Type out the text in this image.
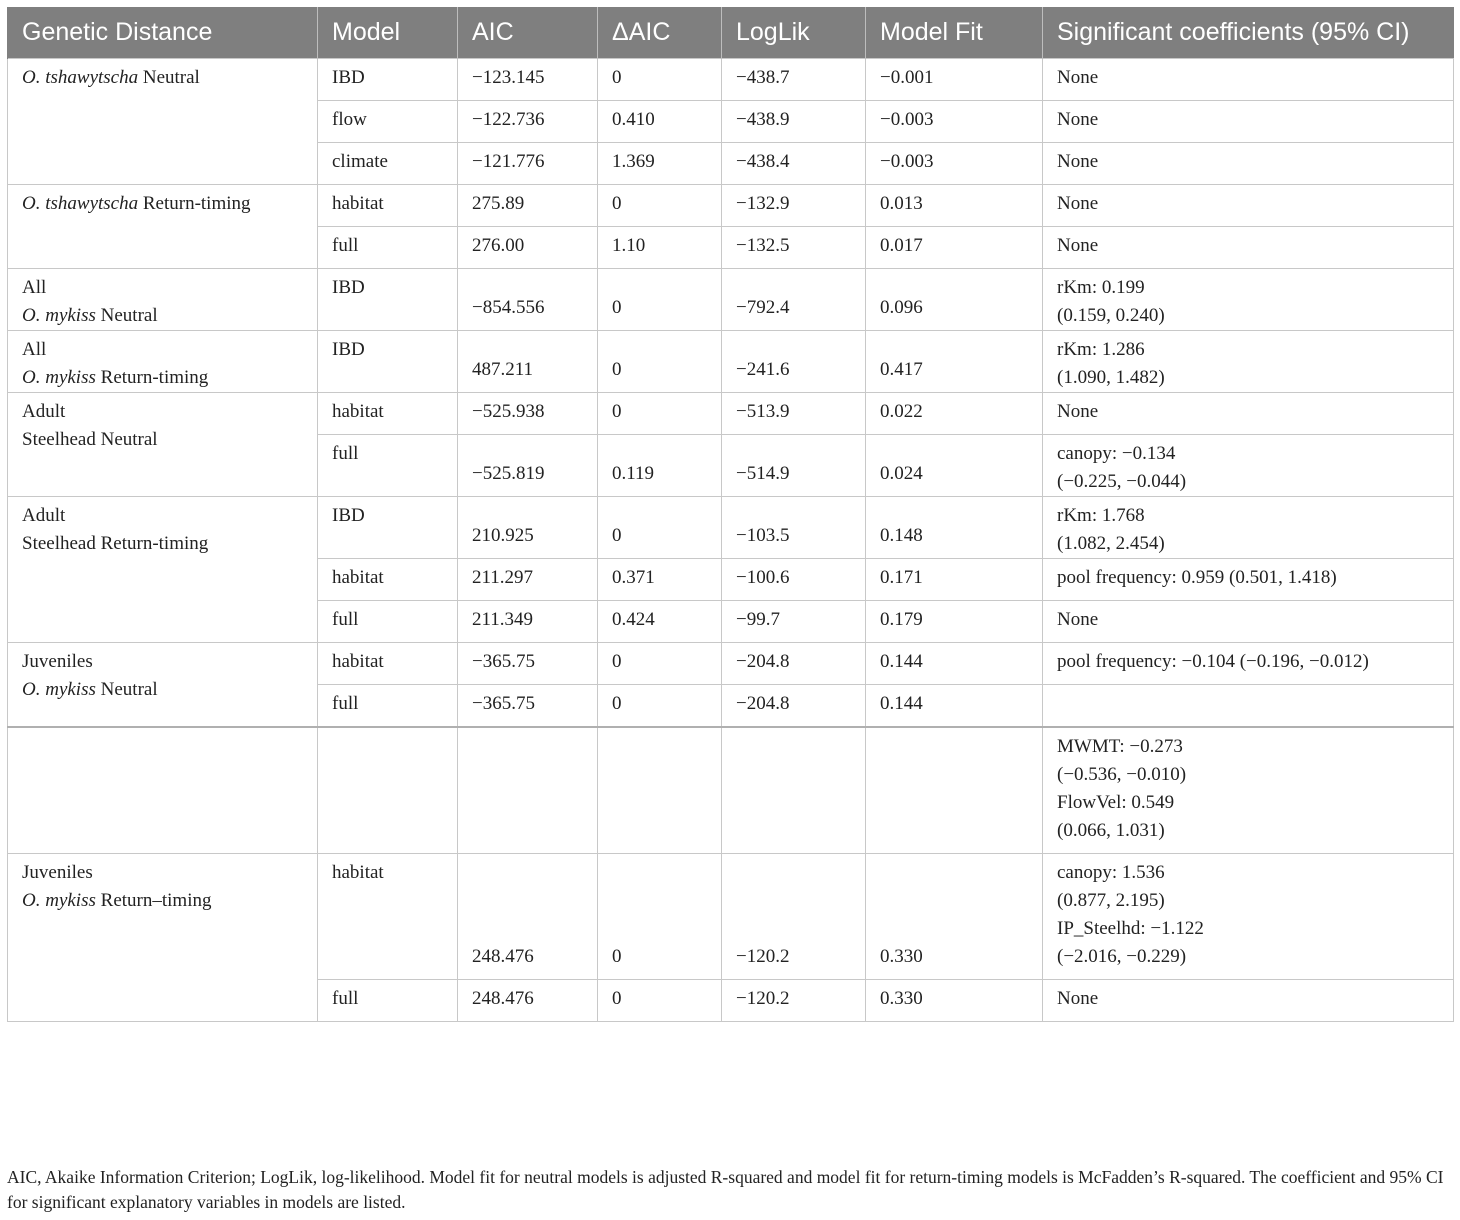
Genetic Distance	Model	AIC	ΔAIC	LogLik	Model Fit	Significant coefficients (95% CI)
O. tshawytscha Neutral	IBD	−123.145	0	−438.7	−0.001	None
	flow	−122.736	0.410	−438.9	−0.003	None
	climate	−121.776	1.369	−438.4	−0.003	None
O. tshawytscha Return-timing	habitat	275.89	0	−132.9	0.013	None
	full	276.00	1.10	−132.5	0.017	None

All
O. mykiss Neutral	IBD	−854.556	0	−792.4	0.096	rKm: 0.199
(0.159, 0.240)

All
O. mykiss Return-timing	IBD	487.211	0	−241.6	0.417	rKm: 1.286
(1.090, 1.482)

Adult
Steelhead Neutral	habitat	−525.938	0	−513.9	0.022	None
	full	−525.819	0.119	−514.9	0.024	canopy: −0.134
(−0.225, −0.044)

Adult
Steelhead Return-timing	IBD	210.925	0	−103.5	0.148	rKm: 1.768
(1.082, 2.454)

	habitat	211.297	0.371	−100.6	0.171	pool frequency: 0.959 (0.501, 1.418)
	full	211.349	0.424	−99.7	0.179	None

Juveniles
O. mykiss Neutral	habitat	−365.75	0	−204.8	0.144	pool frequency: −0.104 (−0.196, −0.012)
	full	−365.75	0	−204.8	0.144	

						MWMT: −0.273
(−0.536, −0.010)
FlowVel: 0.549
(0.066, 1.031)

Juveniles
O. mykiss Return–timing	habitat	248.476	0	−120.2	0.330	canopy: 1.536
(0.877, 2.195)
IP_Steelhd: −1.122
(−2.016, −0.229)

	full	248.476	0	−120.2	0.330	None
AIC, Akaike Information Criterion; LogLik, log-likelihood. Model fit for neutral models is adjusted R-squared and model fit for return-timing models is McFadden’s R-squared. The coefficient and 95% CI for significant explanatory variables in models are listed.
